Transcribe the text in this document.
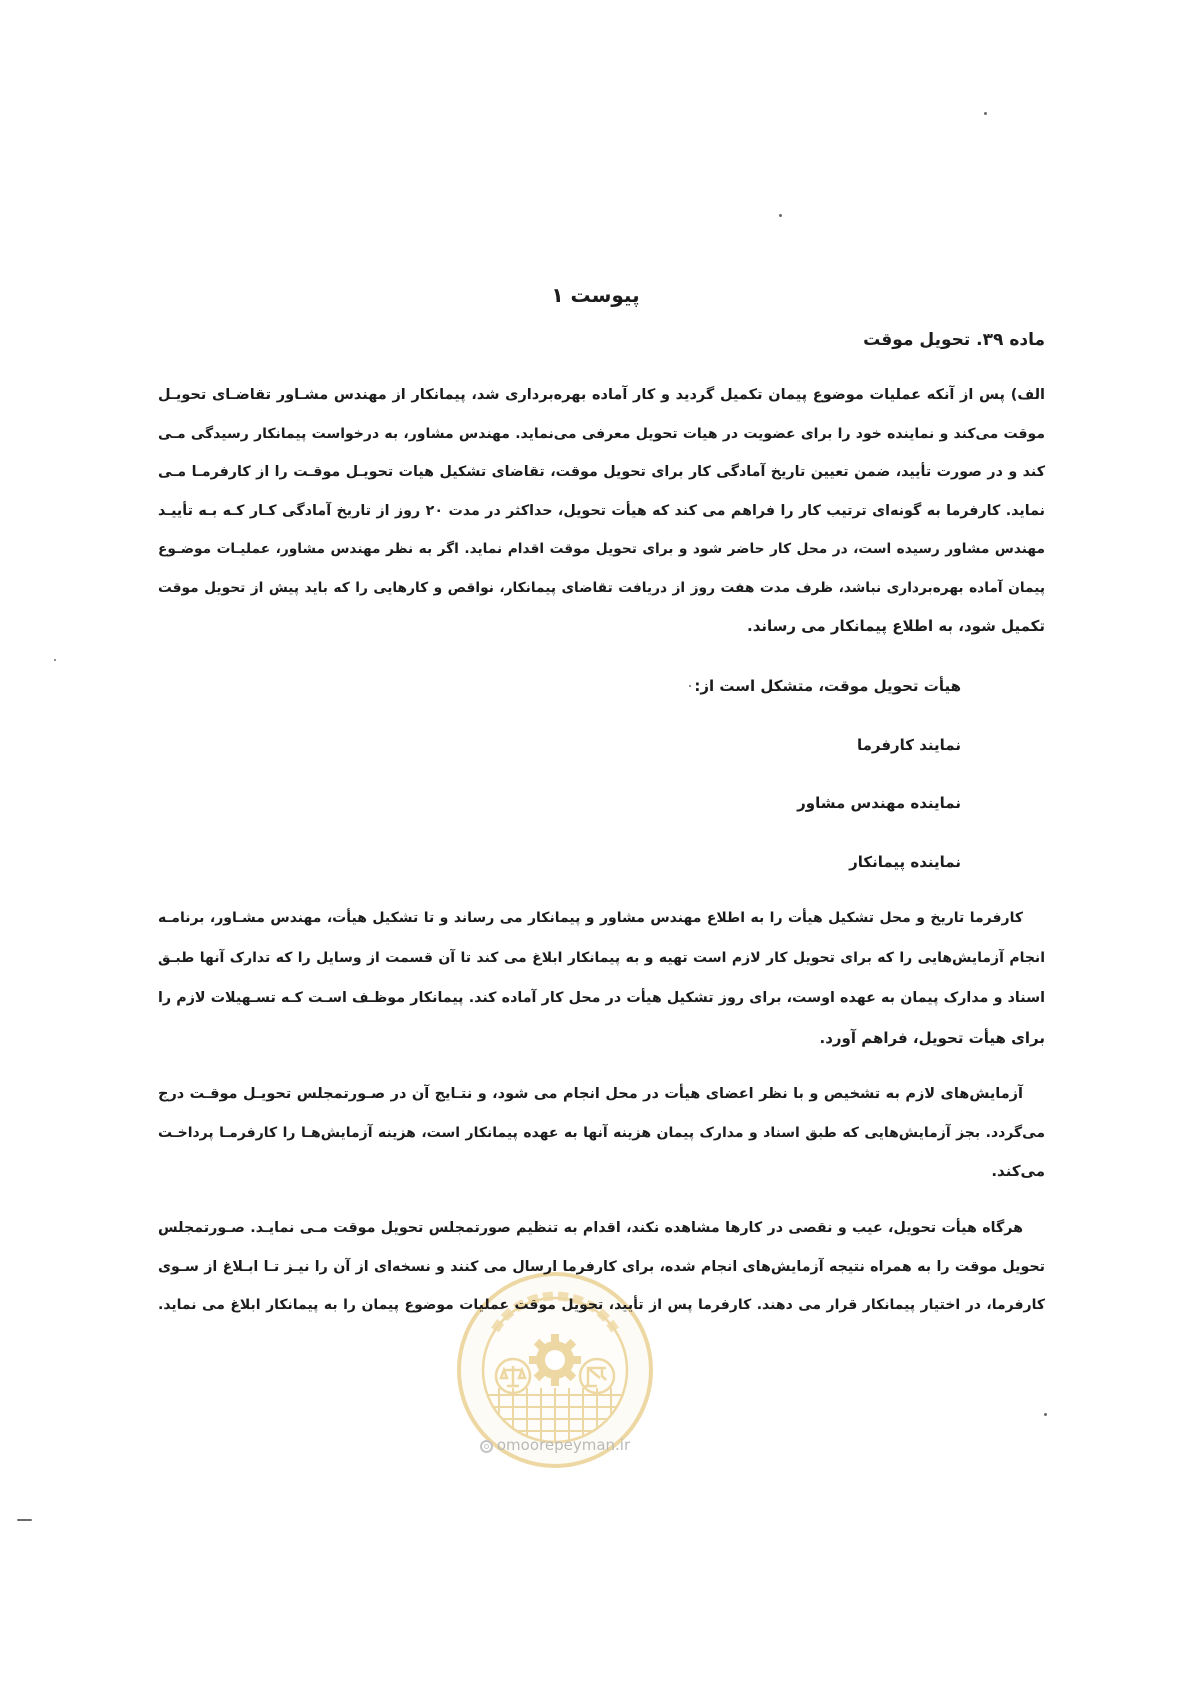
پیوست ۱
ماده ۳۹. تحویل موقت
الف) پس از آنکه عملیات موضوع پیمان تکمیل گردید و کار آماده بهره‌برداری شد، پیمانکار از مهندس مشـاور تقاضـای تحویـل
موقت می‌کند و نماینده خود را برای عضویت در هیات تحویل معرفی می‌نماید. مهندس مشاور، به درخواست پیمانکار رسیدگی مـی
کند و در صورت تأیید، ضمن تعیین تاریخ آمادگی کار برای تحویل موقت، تقاضای تشکیل هیات تحویـل موقـت را از کارفرمـا مـی
نماید. کارفرما به گونه‌ای ترتیب کار را فراهم می کند که هیأت تحویل، حداکثر در مدت ۲۰ روز از تاریخ آمادگی کـار کـه بـه تأییـد
مهندس مشاور رسیده است، در محل کار حاضر شود و برای تحویل موقت اقدام نماید. اگر به نظر مهندس مشاور، عملیـات موضـوع
پیمان آماده بهره‌برداری نباشد، ظرف مدت هفت روز از دریافت تقاضای پیمانکار، نواقص و کارهایی را که باید پیش از تحویل موقت
تکمیل شود، به اطلاع پیمانکار می رساند.
هیأت تحویل موقت، متشکل است از:
نمایند کارفرما
نماینده مهندس مشاور
نماینده پیمانکار
کارفرما تاریخ و محل تشکیل هیأت را به اطلاع مهندس مشاور و پیمانکار می رساند و تا تشکیل هیأت، مهندس مشـاور، برنامـه
انجام آزمایش‌هایی را که برای تحویل کار لازم است تهیه و به پیمانکار ابلاغ می کند تا آن قسمت از وسایل را که تدارک آنها طبـق
اسناد و مدارک پیمان به عهده اوست، برای روز تشکیل هیأت در محل کار آماده کند. پیمانکار موظـف اسـت کـه تسـهیلات لازم را
برای هیأت تحویل، فراهم آورد.
آزمایش‌های لازم به تشخیص و با نظر اعضای هیأت در محل انجام می شود، و نتـایج آن در صـورتمجلس تحویـل موقـت درج
می‌گردد. بجز آزمایش‌هایی که طبق اسناد و مدارک پیمان هزینه آنها به عهده پیمانکار است، هزینه آزمایش‌هـا را کارفرمـا پرداخـت
می‌کند.
هرگاه هیأت تحویل، عیب و نقصی در کارها مشاهده نکند، اقدام به تنظیم صورتمجلس تحویل موقت مـی نمایـد. صـورتمجلس
تحویل موقت را به همراه نتیجه آزمایش‌های انجام شده، برای کارفرما ارسال می کنند و نسخه‌ای از آن را نیـز تـا ابـلاغ از سـوی
کارفرما، در اختیار پیمانکار قرار می دهند. کارفرما پس از تأیید، تحویل موقت عملیات موضوع پیمان را به پیمانکار ابلاغ می نماید.
omoorepeyman.ir
